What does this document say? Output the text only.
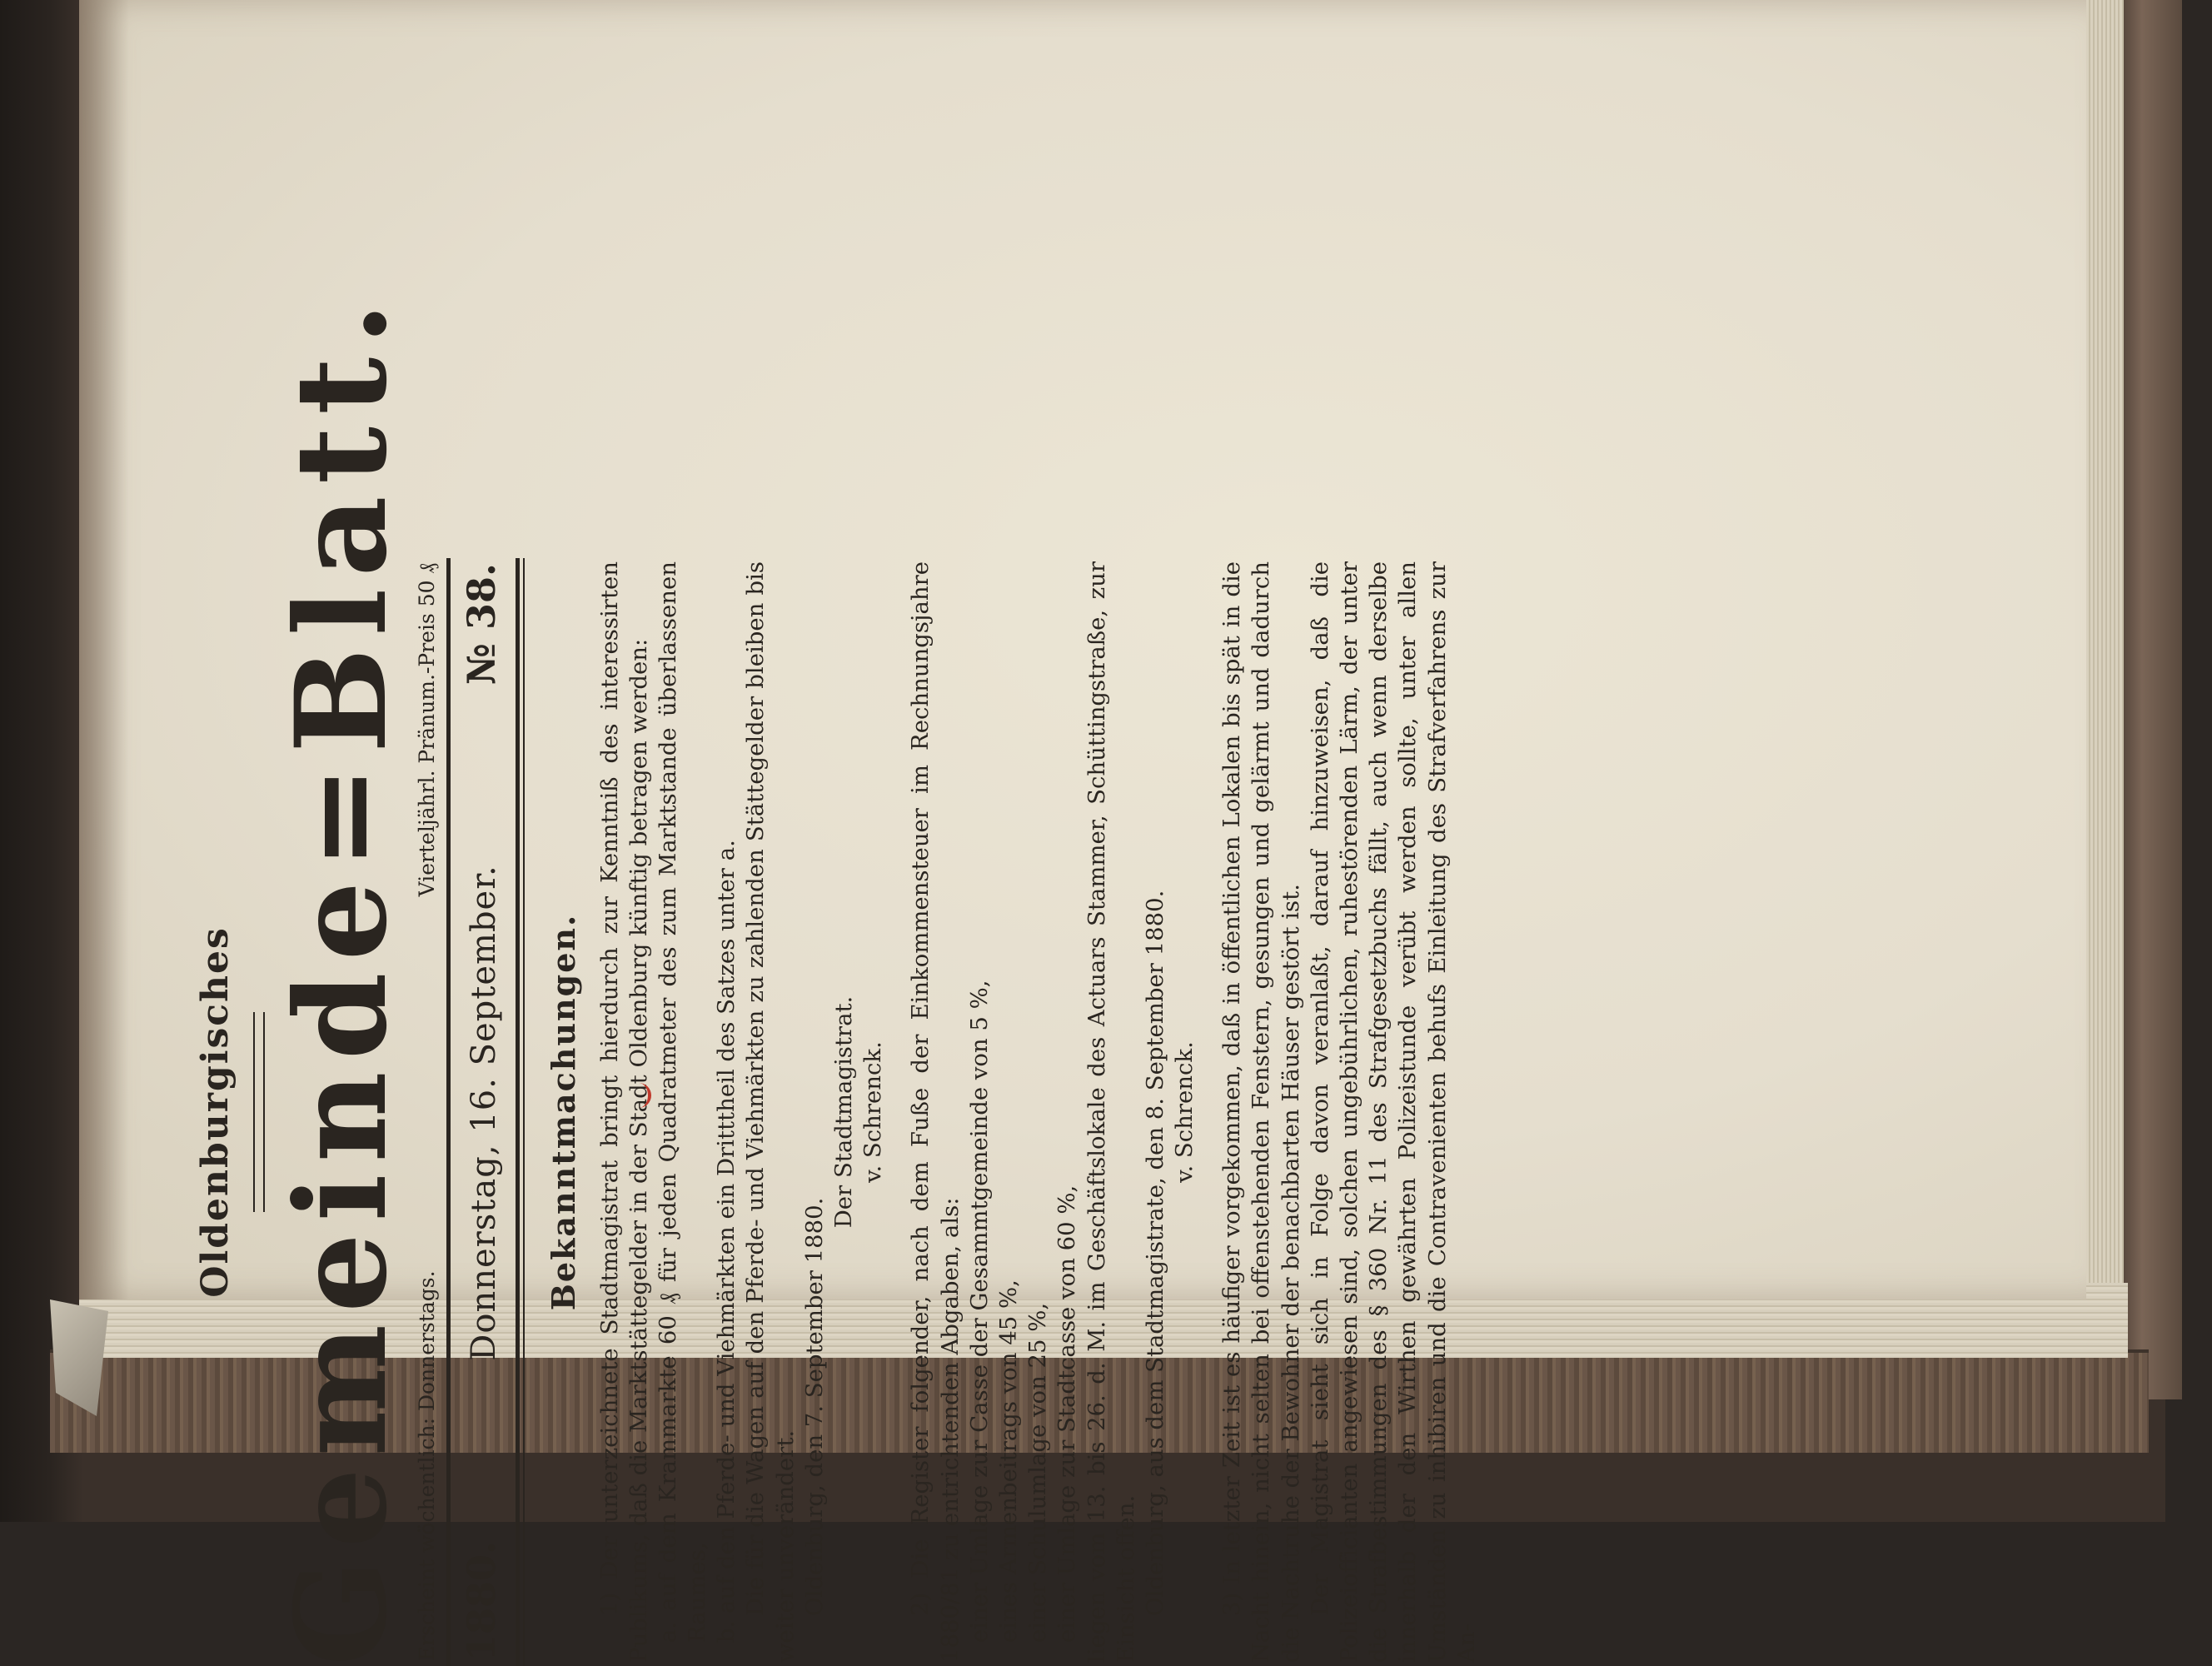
Oldenburgisches Gemeinde=Blatt. Erscheint wöchentlich: Donnerstags.
Vierteljährl. Pränum.-Preis 50 ₰
1880.
Donnerstag, 16. September.
№ 38.
Bekanntmachungen. 1) Der unterzeichnete Stadtmagistrat bringt hierdurch zur Kenntniß des interessirten Publikums, daß die Marktstättegelder in der Stadt Oldenburg künftig betragen werden: a. auf dem Krammarkte 60 ₰ für jeden Quadratmeter des zum Marktstande überlassenen Raumes, b. auf den Pferde- und Viehmärkten ein Dritttheil des Satzes unter a. Die für die Wagen auf den Pferde- und Viehmärkten zu zahlenden Stättegelder bleiben bis weiter unverändert. Oldenburg, den 7. September 1880.

Der Stadtmagistrat. v. Schrenck. 2) Die Register folgender, nach dem Fuße der Einkommensteuer im Rechnungsjahre 1880/81 zu entrichtenden Abgaben, als: einer Umlage zur Casse der Gesammtgemeinde von 5 %, eines Armenbeitrags von 45 %, einer Schulumlage von 25 %, einer Umlage zur Stadtcasse von 60 %, liegen vom 13. bis 26. d. M. im Geschäftslokale des Actuars Stammer, Schüttingstraße, zur Einsicht offen. Oldenburg, aus dem Stadtmagistrate, den 8. September 1880. v. Schrenck. 3) In letzter Zeit ist es häufiger vorgekommen, daß in öffentlichen Lokalen bis spät in die Nacht hinein, nicht selten bei offenstehenden Fenstern, gesungen und gelärmt und dadurch die Nachtruhe der Bewohner der benachbarten Häuser gestört ist. Der Magistrat sieht sich in Folge davon veranlaßt, darauf hinzuweisen, daß die Polizeiofficianten angewiesen sind, solchen ungebührlichen, ruhestörenden Lärm, der unter die Strafbestimmungen des § 360 Nr. 11 des Strafgesetzbuchs fällt, auch wenn derselbe innerhalb der den Wirthen gewährten Polizeistunde verübt werden sollte, unter allen Umständen zu inhibiren und die Contravenienten behufs Einleitung des Strafverfahrens zur An-
